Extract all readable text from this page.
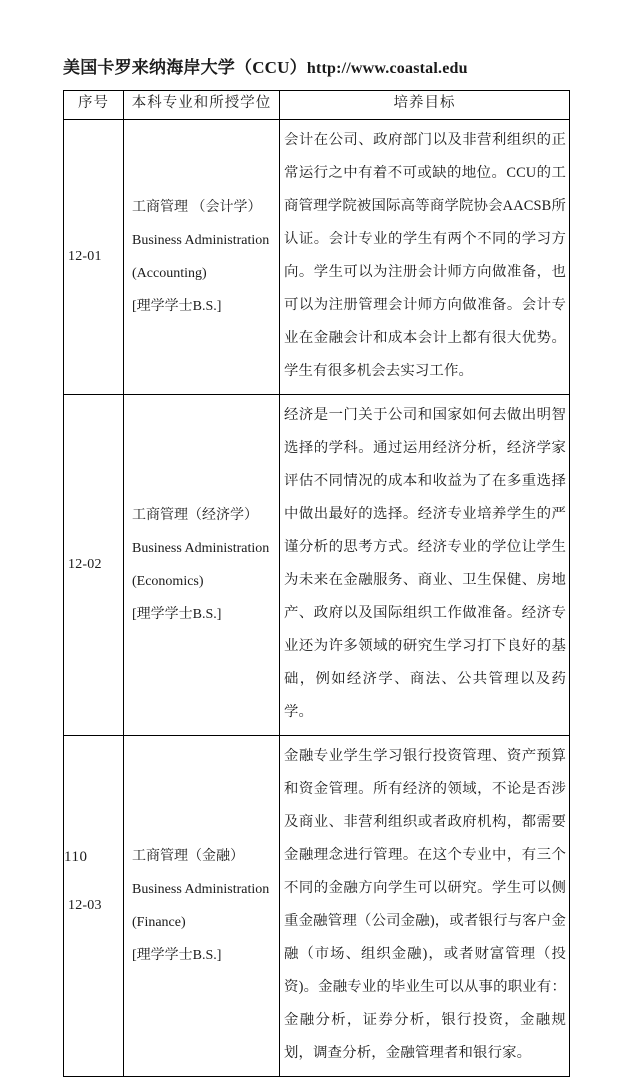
美国卡罗来纳海岸大学（CCU）http://www.coastal.edu
序号	本科专业和所授学位	培养目标
12-01	工商管理 （会计学）
Business Administration
(Accounting)
[理学学士B.S.]	会计在公司、政府部门以及非营利组织的正常运行之中有着不可或缺的地位。CCU的工商管理学院被国际高等商学院协会AACSB所认证。会计专业的学生有两个不同的学习方向。学生可以为注册会计师方向做准备，也可以为注册管理会计师方向做准备。会计专业在金融会计和成本会计上都有很大优势。学生有很多机会去实习工作。
12-02	工商管理（经济学）
Business Administration
(Economics)
[理学学士B.S.]	经济是一门关于公司和国家如何去做出明智选择的学科。通过运用经济分析，经济学家评估不同情况的成本和收益为了在多重选择中做出最好的选择。经济专业培养学生的严谨分析的思考方式。经济专业的学位让学生为未来在金融服务、商业、卫生保健、房地产、政府以及国际组织工作做准备。经济专业还为许多领域的研究生学习打下良好的基础，例如经济学、商法、公共管理以及药学。
12-03	工商管理（金融）
Business Administration
(Finance)
[理学学士B.S.]	金融专业学生学习银行投资管理、资产预算和资金管理。所有经济的领域，不论是否涉及商业、非营利组织或者政府机构，都需要金融理念进行管理。在这个专业中，有三个不同的金融方向学生可以研究。学生可以侧重金融管理（公司金融)，或者银行与客户金融（市场、组织金融)，或者财富管理（投资)。金融专业的毕业生可以从事的职业有：金融分析，证券分析，银行投资，金融规划，调查分析，金融管理者和银行家。
110
